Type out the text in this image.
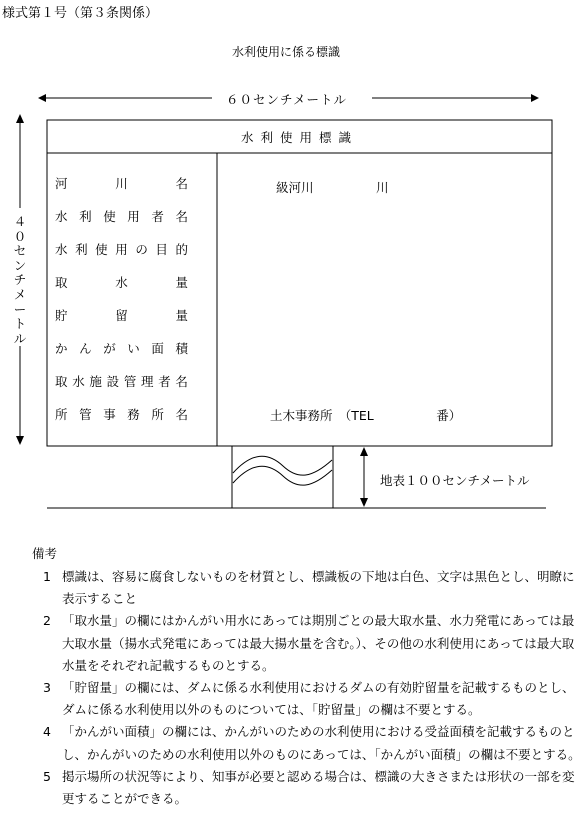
様式第１号（第３条関係）
水利使用に係る標識
６０センチメートル
４
０
セ
ン
チ
メ
ー
ト
ル
水利使用標識
河	川	名
水 利 使 用 者 名
水 利 使 用 の 目 的
取	水	量
貯	留	量
か ん が い 面 積
取 水 施 設 管 理 者 名
所 管 事 務 所 名
級河川　　　　　川
土木事務所　（TEL　　　　　番）
地表１００センチメートル
備考
1 標識は、容易に腐食しないものを材質とし、標識板の下地は白色、文字は黒色とし、明瞭に表示すること
2 「取水量」の欄にはかんがい用水にあっては期別ごとの最大取水量、水力発電にあっては最大取水量（揚水式発電にあっては最大揚水量を含む。）、その他の水利使用にあっては最大取水量をそれぞれ記載するものとする。
3 「貯留量」の欄には、ダムに係る水利使用におけるダムの有効貯留量を記載するものとし、ダムに係る水利使用以外のものについては、「貯留量」の欄は不要とする。
4 「かんがい面積」の欄には、かんがいのための水利使用における受益面積を記載するものとし、かんがいのための水利使用以外のものにあっては、「かんがい面積」の欄は不要とする。
5 掲示場所の状況等により、知事が必要と認める場合は、標識の大きさまたは形状の一部を変更することができる。
